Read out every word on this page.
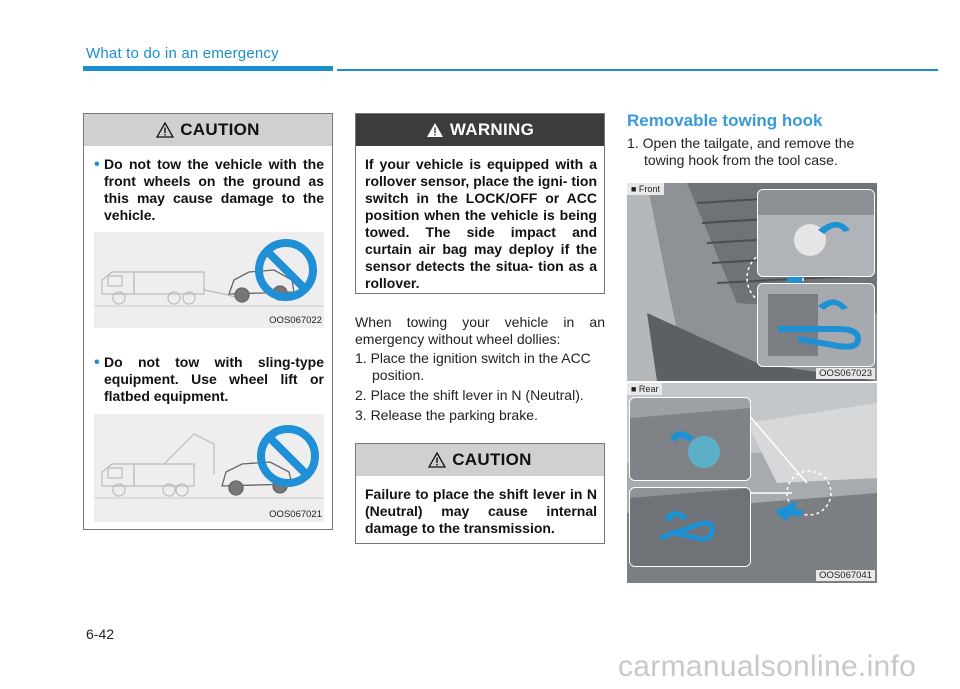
What to do in an emergency
CAUTION
• Do not tow the vehicle with the front wheels on the ground as this may cause damage to the vehicle.

OOS067022
• Do not tow with sling-type equipment. Use wheel lift or flatbed equipment.

OOS067021
WARNING

If your vehicle is equipped with a rollover sensor, place the igni- tion switch in the LOCK/OFF or ACC position when the vehicle is being towed. The side impact and curtain air bag may deploy if the sensor detects the situa- tion as a rollover.

When towing your vehicle in an emergency without wheel dollies:

1. Place the ignition switch in the ACC position.
2. Place the shift lever in N (Neutral).
3. Release the parking brake.
CAUTION

Failure to place the shift lever in N (Neutral) may cause internal damage to the transmission.

Removable towing hook
1. Open the tailgate, and remove the towing hook from the tool case.
■ Front
OOS067023
■ Rear
OOS067041
6-42
carmanualsonline.info
